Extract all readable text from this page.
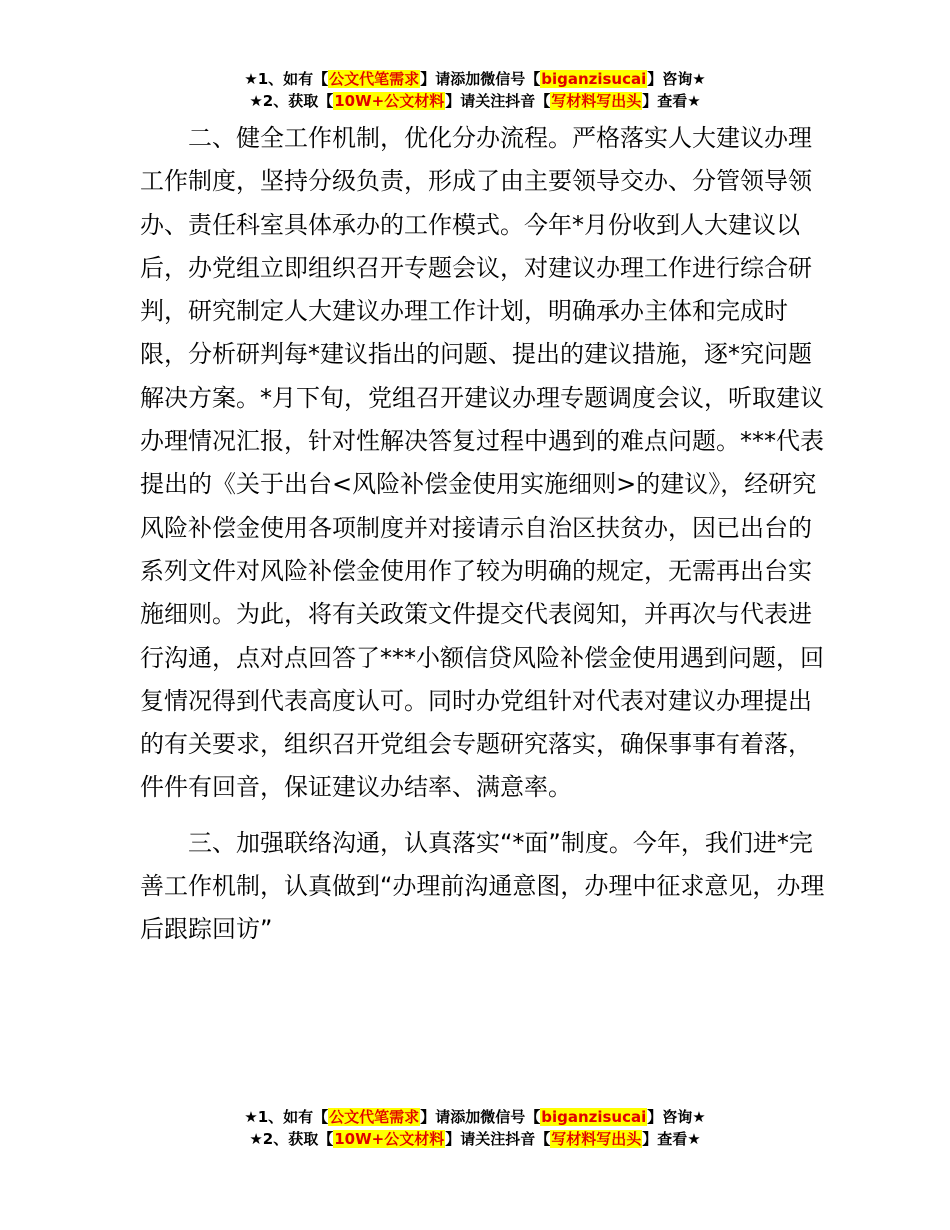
★1、如有【公文代笔需求】请添加微信号【biganzisucai】咨询★
★2、获取【10W+公文材料】请关注抖音【写材料写出头】查看★

二、健全工作机制，优化分办流程。严格落实人大建议办理工作制度，坚持分级负责，形成了由主要领导交办、分管领导领办、责任科室具体承办的工作模式。今年*月份收到人大建议以后，办党组立即组织召开专题会议，对建议办理工作进行综合研判，研究制定人大建议办理工作计划，明确承办主体和完成时限，分析研判每*建议指出的问题、提出的建议措施，逐*究问题解决方案。*月下旬，党组召开建议办理专题调度会议，听取建议办理情况汇报，针对性解决答复过程中遇到的难点问题。***代表提出的《关于出台<风险补偿金使用实施细则>的建议》，经研究风险补偿金使用各项制度并对接请示自治区扶贫办，因已出台的系列文件对风险补偿金使用作了较为明确的规定，无需再出台实施细则。为此，将有关政策文件提交代表阅知，并再次与代表进行沟通，点对点回答了***小额信贷风险补偿金使用遇到问题，回复情况得到代表高度认可。同时办党组针对代表对建议办理提出的有关要求，组织召开党组会专题研究落实，确保事事有着落，件件有回音，保证建议办结率、满意率。

三、加强联络沟通，认真落实“*面”制度。今年，我们进*完善工作机制，认真做到“办理前沟通意图，办理中征求意见，办理后跟踪回访”

★1、如有【公文代笔需求】请添加微信号【biganzisucai】咨询★
★2、获取【10W+公文材料】请关注抖音【写材料写出头】查看★
